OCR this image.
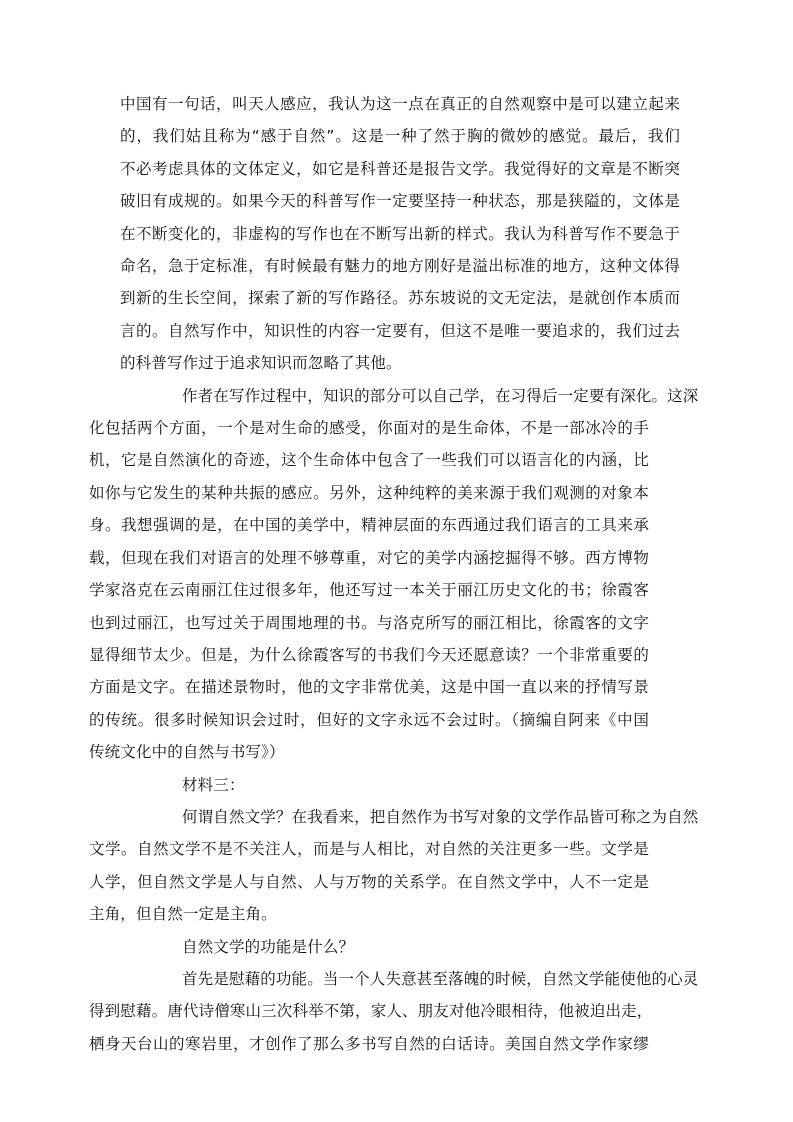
中国有一句话，叫天人感应，我认为这一点在真正的自然观察中是可以建立起来
的，我们姑且称为“感于自然”。这是一种了然于胸的微妙的感觉。最后，我们
不必考虑具体的文体定义，如它是科普还是报告文学。我觉得好的文章是不断突
破旧有成规的。如果今天的科普写作一定要坚持一种状态，那是狭隘的，文体是
在不断变化的，非虚构的写作也在不断写出新的样式。我认为科普写作不要急于
命名，急于定标准，有时候最有魅力的地方刚好是溢出标准的地方，这种文体得
到新的生长空间，探索了新的写作路径。苏东坡说的文无定法，是就创作本质而
言的。自然写作中，知识性的内容一定要有，但这不是唯一要追求的，我们过去
的科普写作过于追求知识而忽略了其他。

作者在写作过程中，知识的部分可以自己学，在习得后一定要有深化。这深
化包括两个方面，一个是对生命的感受，你面对的是生命体，不是一部冰冷的手
机，它是自然演化的奇迹，这个生命体中包含了一些我们可以语言化的内涵，比
如你与它发生的某种共振的感应。另外，这种纯粹的美来源于我们观测的对象本
身。我想强调的是，在中国的美学中，精神层面的东西通过我们语言的工具来承
载，但现在我们对语言的处理不够尊重，对它的美学内涵挖掘得不够。西方博物
学家洛克在云南丽江住过很多年，他还写过一本关于丽江历史文化的书；徐霞客
也到过丽江，也写过关于周围地理的书。与洛克所写的丽江相比，徐霞客的文字
显得细节太少。但是，为什么徐霞客写的书我们今天还愿意读？一个非常重要的
方面是文字。在描述景物时，他的文字非常优美，这是中国一直以来的抒情写景
的传统。很多时候知识会过时，但好的文字永远不会过时。（摘编自阿来《中国
传统文化中的自然与书写》）

材料三：

何谓自然文学？在我看来，把自然作为书写对象的文学作品皆可称之为自然
文学。自然文学不是不关注人，而是与人相比，对自然的关注更多一些。文学是
人学，但自然文学是人与自然、人与万物的关系学。在自然文学中，人不一定是
主角，但自然一定是主角。

自然文学的功能是什么？

首先是慰藉的功能。当一个人失意甚至落魄的时候，自然文学能使他的心灵
得到慰藉。唐代诗僧寒山三次科举不第，家人、朋友对他冷眼相待，他被迫出走，
栖身天台山的寒岩里，才创作了那么多书写自然的白话诗。美国自然文学作家缪
